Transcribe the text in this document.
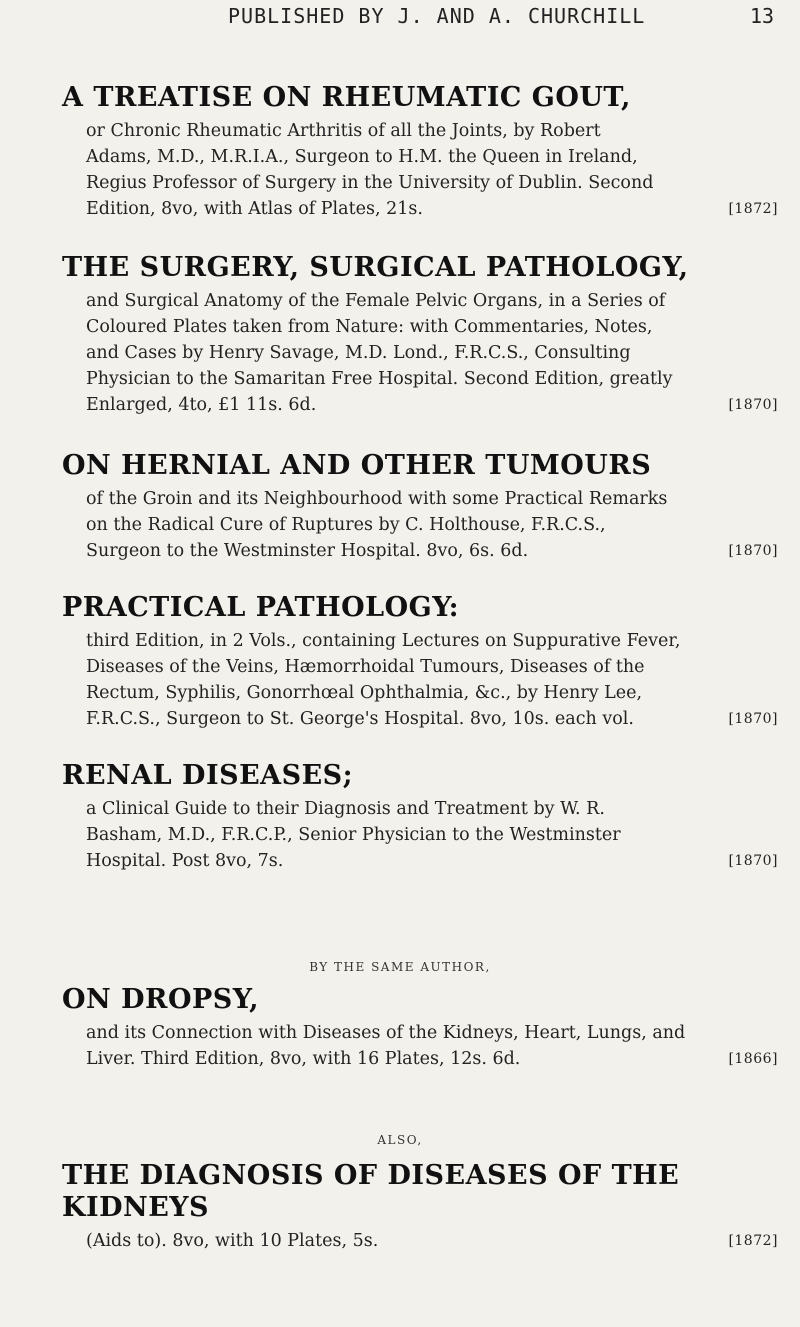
PUBLISHED BY J. AND A. CHURCHILL	13
A TREATISE ON RHEUMATIC GOUT,
or Chronic Rheumatic Arthritis of all the Joints, by Robert
Adams, M.D., M.R.I.A., Surgeon to H.M. the Queen in Ireland,
Regius Professor of Surgery in the University of Dublin. Second
Edition, 8vo, with Atlas of Plates, 21s.	[1872]
THE SURGERY, SURGICAL PATHOLOGY,
and Surgical Anatomy of the Female Pelvic Organs, in a Series of
Coloured Plates taken from Nature: with Commentaries, Notes,
and Cases by Henry Savage, M.D. Lond., F.R.C.S., Consulting
Physician to the Samaritan Free Hospital. Second Edition, greatly
Enlarged, 4to, £1 11s. 6d.	[1870]
ON HERNIAL AND OTHER TUMOURS
of the Groin and its Neighbourhood with some Practical Remarks
on the Radical Cure of Ruptures by C. Holthouse, F.R.C.S.,
Surgeon to the Westminster Hospital. 8vo, 6s. 6d.	[1870]
PRACTICAL PATHOLOGY:
third Edition, in 2 Vols., containing Lectures on Suppurative Fever,
Diseases of the Veins, Hæmorrhoidal Tumours, Diseases of the
Rectum, Syphilis, Gonorrhœal Ophthalmia, &c., by Henry Lee,
F.R.C.S., Surgeon to St. George's Hospital. 8vo, 10s. each vol.	[1870]
RENAL DISEASES;
a Clinical Guide to their Diagnosis and Treatment by W. R.
Basham, M.D., F.R.C.P., Senior Physician to the Westminster
Hospital. Post 8vo, 7s.	[1870]
BY THE SAME AUTHOR,
ON DROPSY,
and its Connection with Diseases of the Kidneys, Heart, Lungs, and
Liver. Third Edition, 8vo, with 16 Plates, 12s. 6d.	[1866]
ALSO,
THE DIAGNOSIS OF DISEASES OF THE KIDNEYS
(Aids to). 8vo, with 10 Plates, 5s.	[1872]
